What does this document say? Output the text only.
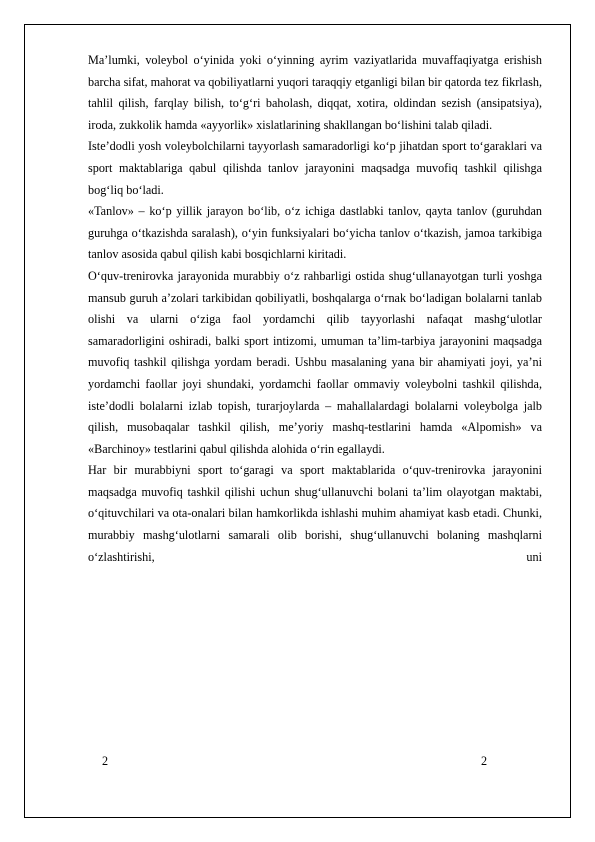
Ma’lumki, voleybol o‘yinida yoki o‘yinning ayrim vaziyatlarida muvaffaqiyatga erishish barcha sifat, mahorat va qobiliyatlarni yuqori taraqqiy etganligi bilan bir qatorda tez fikrlash, tahlil qilish, farqlay bilish, to‘g‘ri baholash, diqqat, xotira, oldindan sezish (ansipatsiya), iroda, zukkolik hamda «ayyorlik» xislatlarining shakllangan bo‘lishini talab qiladi.

Iste’dodli yosh voleybolchilarni tayyorlash samaradorligi ko‘p jihatdan sport to‘garaklari va sport maktablariga qabul qilishda tanlov jarayonini maqsadga muvofiq tashkil qilishga bog‘liq bo‘ladi.

«Tanlov» – ko‘p yillik jarayon bo‘lib, o‘z ichiga dastlabki tanlov, qayta tanlov (guruhdan guruhga o‘tkazishda saralash), o‘yin funksiyalari bo‘yicha tanlov o‘tkazish, jamoa tarkibiga tanlov asosida qabul qilish kabi bosqichlarni kiritadi.

O‘quv-trenirovka jarayonida murabbiy o‘z rahbarligi ostida shug‘ullanayotgan turli yoshga mansub guruh a’zolari tarkibidan qobiliyatli, boshqalarga o‘rnak bo‘ladigan bolalarni tanlab olishi va ularni o‘ziga faol yordamchi qilib tayyorlashi nafaqat mashg‘ulotlar samaradorligini oshiradi, balki sport intizomi, umuman ta’lim-tarbiya jarayonini maqsadga muvofiq tashkil qilishga yordam beradi. Ushbu masalaning yana bir ahamiyati joyi, ya’ni yordamchi faollar joyi shundaki, yordamchi faollar ommaviy voleybolni tashkil qilishda, iste’dodli bolalarni izlab topish, turarjoylarda – mahallalardagi bolalarni voleybolga jalb qilish, musobaqalar tashkil qilish, me’yoriy mashq-testlarini hamda «Alpomish» va «Barchinoy» testlarini qabul qilishda alohida o‘rin egallaydi.

Har bir murabbiyni sport to‘garagi va sport maktablarida o‘quv-trenirovka jarayonini maqsadga muvofiq tashkil qilishi uchun shug‘ullanuvchi bolani ta’lim olayotgan maktabi, o‘qituvchilari va ota-onalari bilan hamkorlikda ishlashi muhim ahamiyat kasb etadi. Chunki, murabbiy mashg‘ulotlarni samarali olib borishi, shug‘ullanuvchi bolaning mashqlarni o‘zlashtirishi, uni

2	2
